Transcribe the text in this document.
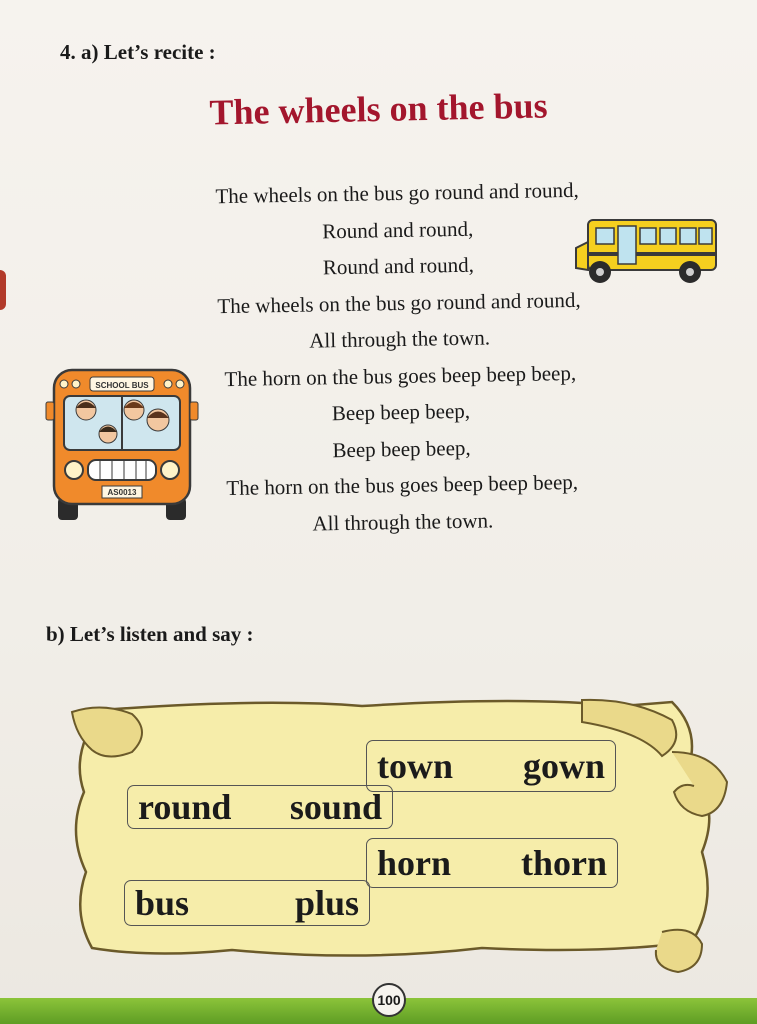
4. a) Let’s recite :
The wheels on the bus
The wheels on the bus go round and round,
Round and round,
Round and round,
The wheels on the bus go round and round,
All through the town.
The horn on the bus goes beep beep beep,
Beep beep beep,
Beep beep beep,
The horn on the bus goes beep beep beep,
All through the town.
SCHOOL BUS
AS0013
b) Let’s listen and say :
town gown
round sound
horn thorn
bus	plus
100
